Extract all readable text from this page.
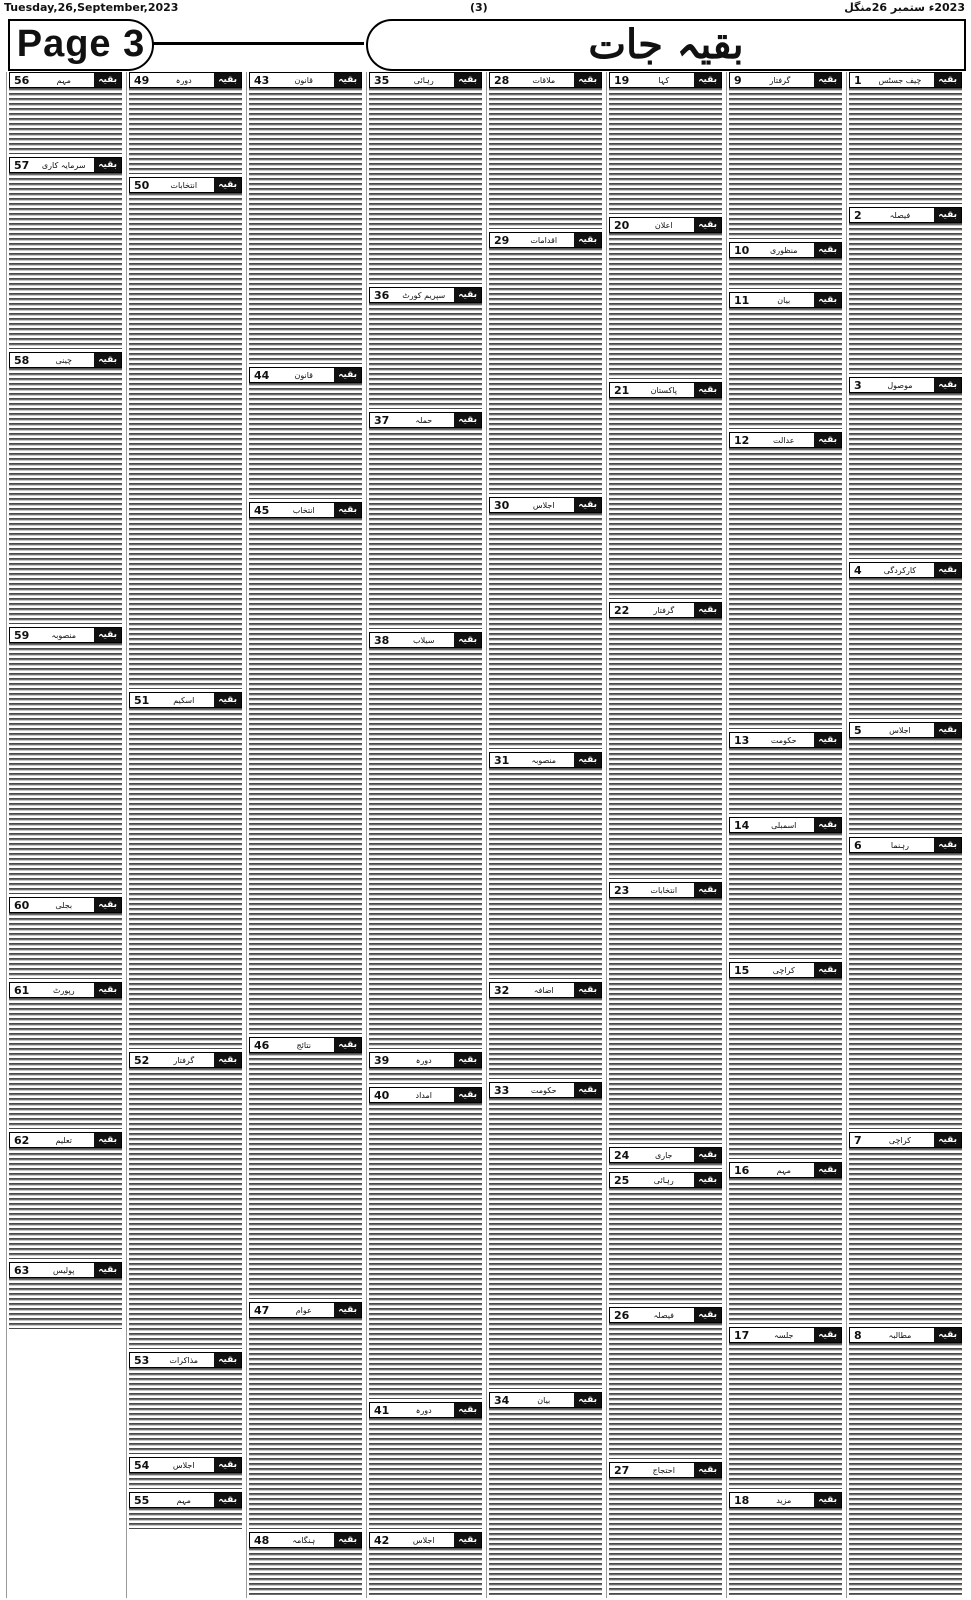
Tuesday,26,September,2023	(3)	2023ء ستمبر 26منگل
Page 3	بقیہ جات
بقیہ
چیف جسٹس
1
بقیہ
فیصلہ
2
بقیہ
موصول
3
بقیہ
کارکردگی
4
بقیہ
اجلاس
5
بقیہ
رہنما
6
بقیہ
کراچی
7
بقیہ
مطالبہ
8
بقیہ
گرفتار
9
بقیہ
منظوری
10
بقیہ
بیان
11
بقیہ
عدالت
12
بقیہ
حکومت
13
بقیہ
اسمبلی
14
بقیہ
کراچی
15
بقیہ
مہم
16
بقیہ
جلسہ
17
بقیہ
مزید
18
بقیہ
کہا
19
بقیہ
اعلان
20
بقیہ
پاکستان
21
بقیہ
گرفتار
22
بقیہ
انتخابات
23
بقیہ
جاری
24
بقیہ
رہائی
25
بقیہ
فیصلہ
26
بقیہ
احتجاج
27
بقیہ
ملاقات
28
بقیہ
اقدامات
29
بقیہ
اجلاس
30
بقیہ
منصوبہ
31
بقیہ
اضافہ
32
بقیہ
حکومت
33
بقیہ
بیان
34
بقیہ
رہائی
35
بقیہ
سپریم کورٹ
36
بقیہ
حملہ
37
بقیہ
سیلاب
38
بقیہ
دورہ
39
بقیہ
امداد
40
بقیہ
دورہ
41
بقیہ
اجلاس
42
بقیہ
قانون
43
بقیہ
قانون
44
بقیہ
انتخاب
45
بقیہ
نتائج
46
بقیہ
عوام
47
بقیہ
ہنگامہ
48
بقیہ
دورہ
49
بقیہ
انتخابات
50
بقیہ
اسکیم
51
بقیہ
گرفتار
52
بقیہ
مذاکرات
53
بقیہ
اجلاس
54
بقیہ
مہم
55
بقیہ
مہم
56
بقیہ
سرمایہ کاری
57
بقیہ
چینی
58
بقیہ
منصوبہ
59
بقیہ
بجلی
60
بقیہ
رپورٹ
61
بقیہ
تعلیم
62
بقیہ
پولیس
63
